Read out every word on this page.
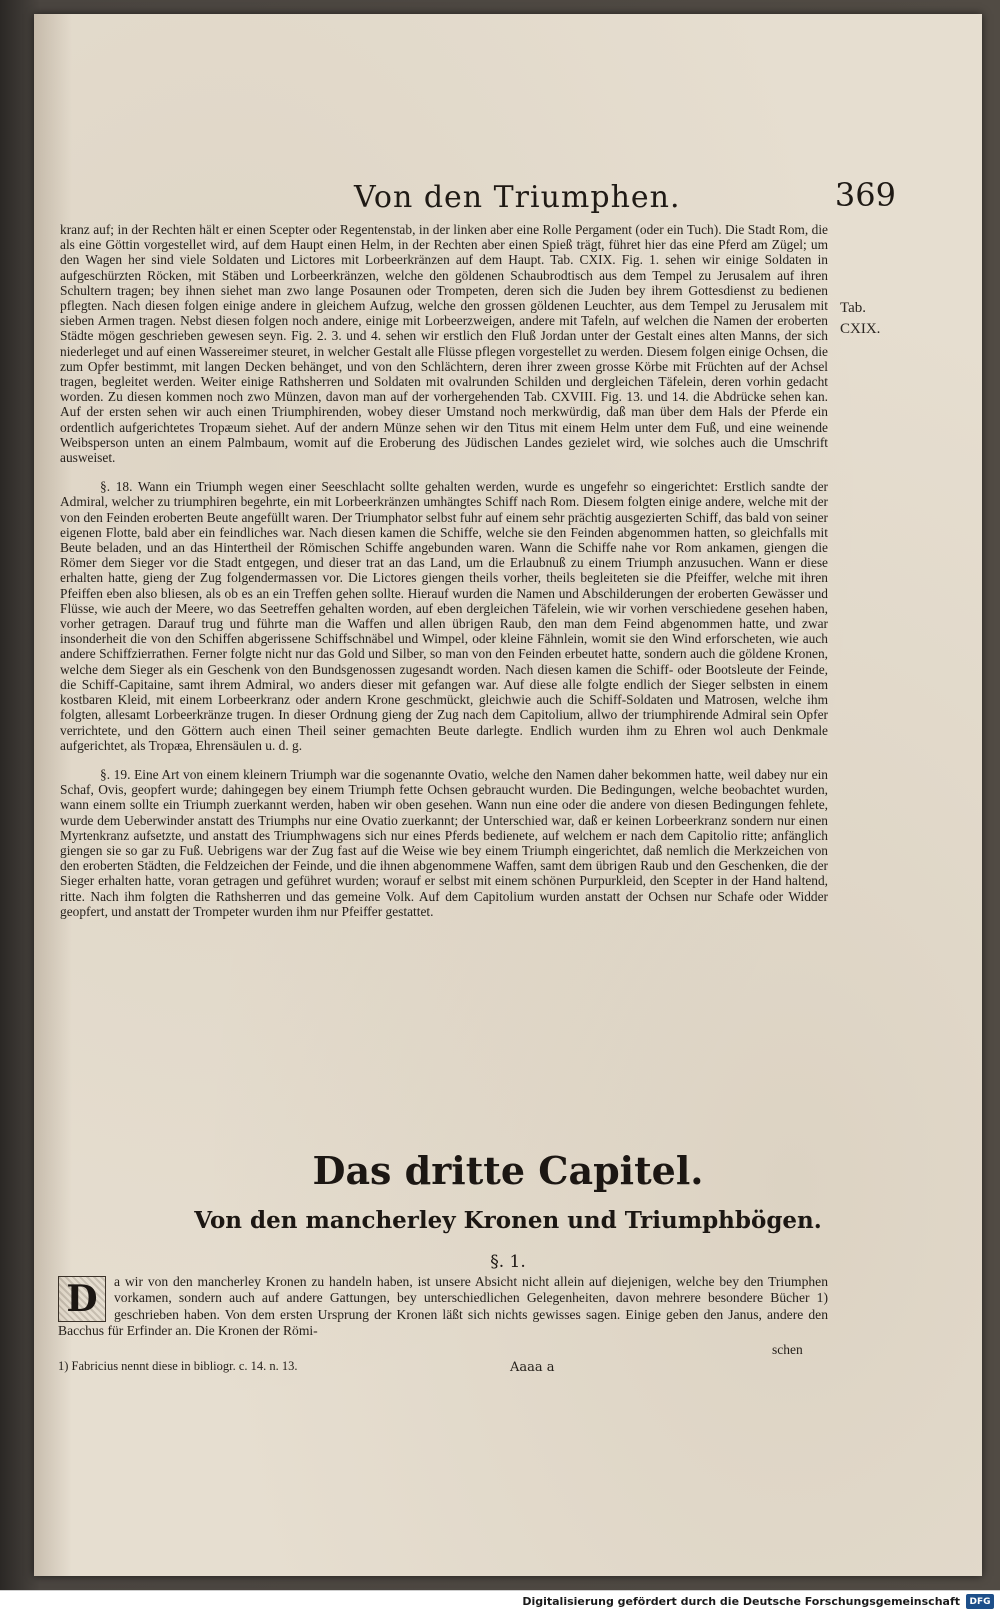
Von den Triumphen.	369
Tab.
CXIX.

kranz auf; in der Rechten hält er einen Scepter oder Regentenstab, in der linken aber eine Rolle Pergament (oder ein Tuch). Die Stadt Rom, die als eine Göttin vorgestellet wird, auf dem Haupt einen Helm, in der Rechten aber einen Spieß trägt, führet hier das eine Pferd am Zügel; um den Wagen her sind viele Soldaten und Lictores mit Lorbeerkränzen auf dem Haupt. Tab. CXIX. Fig. 1. sehen wir einige Soldaten in aufgeschürzten Röcken, mit Stäben und Lorbeerkränzen, welche den göldenen Schaubrodtisch aus dem Tempel zu Jerusalem auf ihren Schultern tragen; bey ihnen siehet man zwo lange Posaunen oder Trompeten, deren sich die Juden bey ihrem Gottesdienst zu bedienen pflegten. Nach diesen folgen einige andere in gleichem Aufzug, welche den grossen göldenen Leuchter, aus dem Tempel zu Jerusalem mit sieben Armen tragen. Nebst diesen folgen noch andere, einige mit Lorbeerzweigen, andere mit Tafeln, auf welchen die Namen der eroberten Städte mögen geschrieben gewesen seyn. Fig. 2. 3. und 4. sehen wir erstlich den Fluß Jordan unter der Gestalt eines alten Manns, der sich niederleget und auf einen Wassereimer steuret, in welcher Gestalt alle Flüsse pflegen vorgestellet zu werden. Diesem folgen einige Ochsen, die zum Opfer bestimmt, mit langen Decken behänget, und von den Schlächtern, deren ihrer zween grosse Körbe mit Früchten auf der Achsel tragen, begleitet werden. Weiter einige Rathsherren und Soldaten mit ovalrunden Schilden und dergleichen Täfelein, deren vorhin gedacht worden. Zu diesen kommen noch zwo Münzen, davon man auf der vorhergehenden Tab. CXVIII. Fig. 13. und 14. die Abdrücke sehen kan. Auf der ersten sehen wir auch einen Triumphirenden, wobey dieser Umstand noch merkwürdig, daß man über dem Hals der Pferde ein ordentlich aufgerichtetes Tropæum siehet. Auf der andern Münze sehen wir den Titus mit einem Helm unter dem Fuß, und eine weinende Weibsperson unten an einem Palmbaum, womit auf die Eroberung des Jüdischen Landes gezielet wird, wie solches auch die Umschrift ausweiset.

§. 18. Wann ein Triumph wegen einer Seeschlacht sollte gehalten werden, wurde es ungefehr so eingerichtet: Erstlich sandte der Admiral, welcher zu triumphiren begehrte, ein mit Lorbeerkränzen umhängtes Schiff nach Rom. Diesem folgten einige andere, welche mit der von den Feinden eroberten Beute angefüllt waren. Der Triumphator selbst fuhr auf einem sehr prächtig ausgezierten Schiff, das bald von seiner eigenen Flotte, bald aber ein feindliches war. Nach diesen kamen die Schiffe, welche sie den Feinden abgenommen hatten, so gleichfalls mit Beute beladen, und an das Hintertheil der Römischen Schiffe angebunden waren. Wann die Schiffe nahe vor Rom ankamen, giengen die Römer dem Sieger vor die Stadt entgegen, und dieser trat an das Land, um die Erlaubnuß zu einem Triumph anzusuchen. Wann er diese erhalten hatte, gieng der Zug folgendermassen vor. Die Lictores giengen theils vorher, theils begleiteten sie die Pfeiffer, welche mit ihren Pfeiffen eben also bliesen, als ob es an ein Treffen gehen sollte. Hierauf wurden die Namen und Abschilderungen der eroberten Gewässer und Flüsse, wie auch der Meere, wo das Seetreffen gehalten worden, auf eben dergleichen Täfelein, wie wir vorhen verschiedene gesehen haben, vorher getragen. Darauf trug und führte man die Waffen und allen übrigen Raub, den man dem Feind abgenommen hatte, und zwar insonderheit die von den Schiffen abgerissene Schiffschnäbel und Wimpel, oder kleine Fähnlein, womit sie den Wind erforscheten, wie auch andere Schiffzierrathen. Ferner folgte nicht nur das Gold und Silber, so man von den Feinden erbeutet hatte, sondern auch die göldene Kronen, welche dem Sieger als ein Geschenk von den Bundsgenossen zugesandt worden. Nach diesen kamen die Schiff- oder Bootsleute der Feinde, die Schiff-Capitaine, samt ihrem Admiral, wo anders dieser mit gefangen war. Auf diese alle folgte endlich der Sieger selbsten in einem kostbaren Kleid, mit einem Lorbeerkranz oder andern Krone geschmückt, gleichwie auch die Schiff-Soldaten und Matrosen, welche ihm folgten, allesamt Lorbeerkränze trugen. In dieser Ordnung gieng der Zug nach dem Capitolium, allwo der triumphirende Admiral sein Opfer verrichtete, und den Göttern auch einen Theil seiner gemachten Beute darlegte. Endlich wurden ihm zu Ehren wol auch Denkmale aufgerichtet, als Tropæa, Ehrensäulen u. d. g.

§. 19. Eine Art von einem kleinern Triumph war die sogenannte Ovatio, welche den Namen daher bekommen hatte, weil dabey nur ein Schaf, Ovis, geopfert wurde; dahingegen bey einem Triumph fette Ochsen gebraucht wurden. Die Bedingungen, welche beobachtet wurden, wann einem sollte ein Triumph zuerkannt werden, haben wir oben gesehen. Wann nun eine oder die andere von diesen Bedingungen fehlete, wurde dem Ueberwinder anstatt des Triumphs nur eine Ovatio zuerkannt; der Unterschied war, daß er keinen Lorbeerkranz sondern nur einen Myrtenkranz aufsetzte, und anstatt des Triumphwagens sich nur eines Pferds bedienete, auf welchem er nach dem Capitolio ritte; anfänglich giengen sie so gar zu Fuß. Uebrigens war der Zug fast auf die Weise wie bey einem Triumph eingerichtet, daß nemlich die Merkzeichen von den eroberten Städten, die Feldzeichen der Feinde, und die ihnen abgenommene Waffen, samt dem übrigen Raub und den Geschenken, die der Sieger erhalten hatte, voran getragen und geführet wurden; worauf er selbst mit einem schönen Purpurkleid, den Scepter in der Hand haltend, ritte. Nach ihm folgten die Rathsherren und das gemeine Volk. Auf dem Capitolium wurden anstatt der Ochsen nur Schafe oder Widder geopfert, und anstatt der Trompeter wurden ihm nur Pfeiffer gestattet.

Das dritte Capitel.
Von den mancherley Kronen und Triumphbögen.
§. 1.
D	a wir von den mancherley Kronen zu handeln haben, ist unsere Absicht nicht allein auf diejenigen, welche bey den Triumphen vorkamen, sondern auch auf andere Gattungen, bey unterschiedlichen Gelegenheiten, davon mehrere besondere Bücher 1) geschrieben haben. Von dem ersten Ursprung der Kronen läßt sich nichts gewisses sagen. Einige geben den Janus, andere den Bacchus für Erfinder an. Die Kronen der Römi-
schen
1) Fabricius nennt diese in bibliogr. c. 14. n. 13.	Aaaa a
Digitalisierung gefördert durch die Deutsche Forschungsgemeinschaft	DFG
